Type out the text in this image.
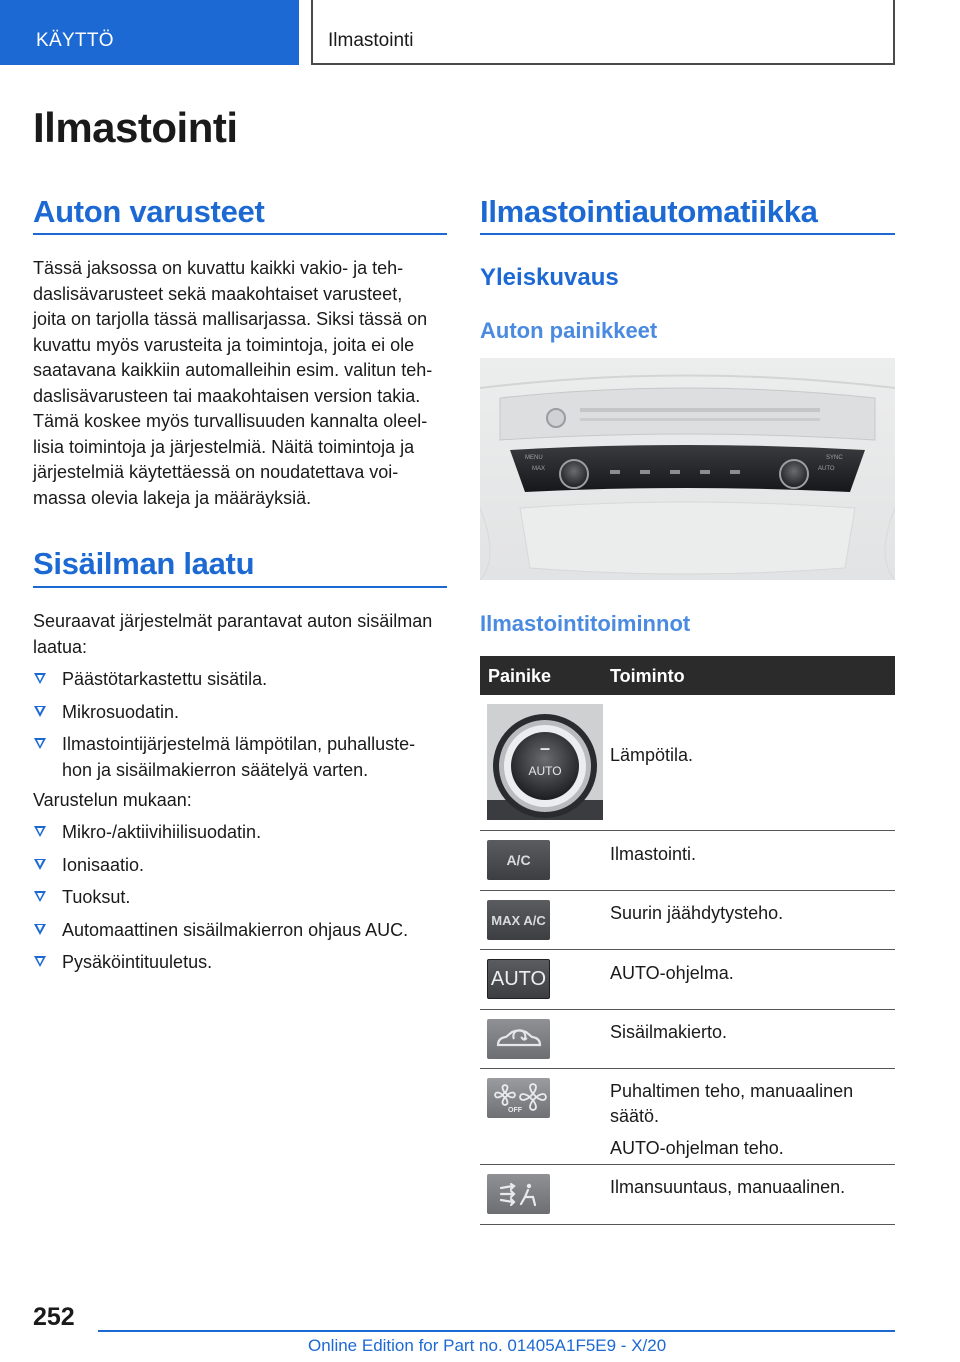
KÄYTTÖ	Ilmastointi
Ilmastointi
Auton varusteet
Tässä jaksossa on kuvattu kaikki vakio- ja teh-
daslisävarusteet sekä maakohtaiset varusteet,
joita on tarjolla tässä mallisarjassa. Siksi tässä on
kuvattu myös varusteita ja toimintoja, joita ei ole
saatavana kaikkiin automalleihin esim. valitun teh-
daslisävarusteen tai maakohtaisen version takia.
Tämä koskee myös turvallisuuden kannalta oleel-
lisia toimintoja ja järjestelmiä. Näitä toimintoja ja
järjestelmiä käytettäessä on noudatettava voi-
massa olevia lakeja ja määräyksiä.
Sisäilman laatu
Seuraavat järjestelmät parantavat auton sisäilman
laatua:
Päästötarkastettu sisätila.
Mikrosuodatin.
Ilmastointijärjestelmä lämpötilan, puhalluste-
hon ja sisäilmakierron säätelyä varten.
Varustelun mukaan:
Mikro-/aktiivihiilisuodatin.
Ionisaatio.
Tuoksut.
Automaattinen sisäilmakierron ohjaus AUC.
Pysäköintituuletus.
Ilmastointiautomatiikka
Yleiskuvaus
Auton painikkeet
MENU
MAX
SYNC
AUTO
Ilmastointitoiminnot
Painike	Toiminto
–
AUTO
Lämpötila.
A/C	Ilmastointi.
MAX A/C	Suurin jäähdytysteho.
AUTO	AUTO-ohjelma.
Sisäilmakierto.
OFF
Puhaltimen teho, manuaalinen
säätö.
AUTO-ohjelman teho.
Ilmansuuntaus, manuaalinen.
252
Online Edition for Part no. 01405A1F5E9 - X/20
